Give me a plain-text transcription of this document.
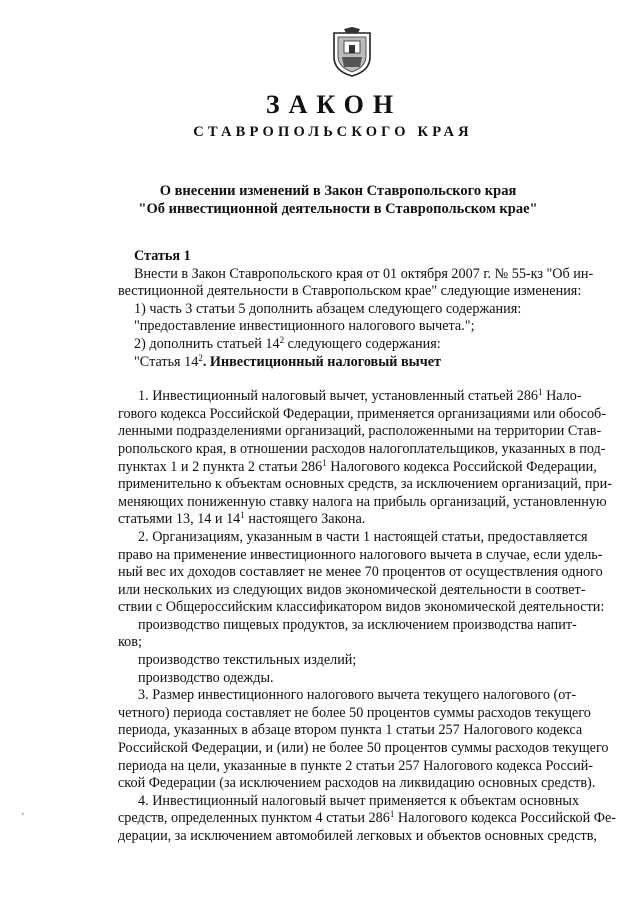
ЗАКОН
СТАВРОПОЛЬСКОГО КРАЯ
О внесении изменений в Закон Ставропольского края
"Об инвестиционной деятельности в Ставропольском крае"
Статья 1
Внести в Закон Ставропольского края от 01 октября 2007 г. № 55-кз "Об ин-
вестиционной деятельности в Ставропольском крае" следующие изменения:
1) часть 3 статьи 5 дополнить абзацем следующего содержания:
"предоставление инвестиционного налогового вычета.";
2) дополнить статьей $14^2$ следующего содержания:
"Статья $14^2$. Инвестиционный налоговый вычет
1. Инвестиционный налоговый вычет, установленный статьей $286^1$ Нало-
гового кодекса Российской Федерации, применяется организациями или обособ-
ленными подразделениями организаций, расположенными на территории Став-
ропольского края, в отношении расходов налогоплательщиков, указанных в под-
пунктах 1 и 2 пункта 2 статьи $286^1$ Налогового кодекса Российской Федерации,
применительно к объектам основных средств, за исключением организаций, при-
меняющих пониженную ставку налога на прибыль организаций, установленную
статьями 13, 14 и $14^1$ настоящего Закона.
2. Организациям, указанным в части 1 настоящей статьи, предоставляется
право на применение инвестиционного налогового вычета в случае, если удель-
ный вес их доходов составляет не менее 70 процентов от осуществления одного
или нескольких из следующих видов экономической деятельности в соответ-
ствии с Общероссийским классификатором видов экономической деятельности:
производство пищевых продуктов, за исключением производства напит-
ков;
производство текстильных изделий;
производство одежды.
3. Размер инвестиционного налогового вычета текущего налогового (от-
четного) периода составляет не более 50 процентов суммы расходов текущего
периода, указанных в абзаце втором пункта 1 статьи 257 Налогового кодекса
Российской Федерации, и (или) не более 50 процентов суммы расходов текущего
периода на цели, указанные в пункте 2 статьи 257 Налогового кодекса Россий-
ской Федерации (за исключением расходов на ликвидацию основных средств).
4. Инвестиционный налоговый вычет применяется к объектам основных
средств, определенных пунктом 4 статьи $286^1$ Налогового кодекса Российской Фе-
дерации, за исключением автомобилей легковых и объектов основных средств,
'
